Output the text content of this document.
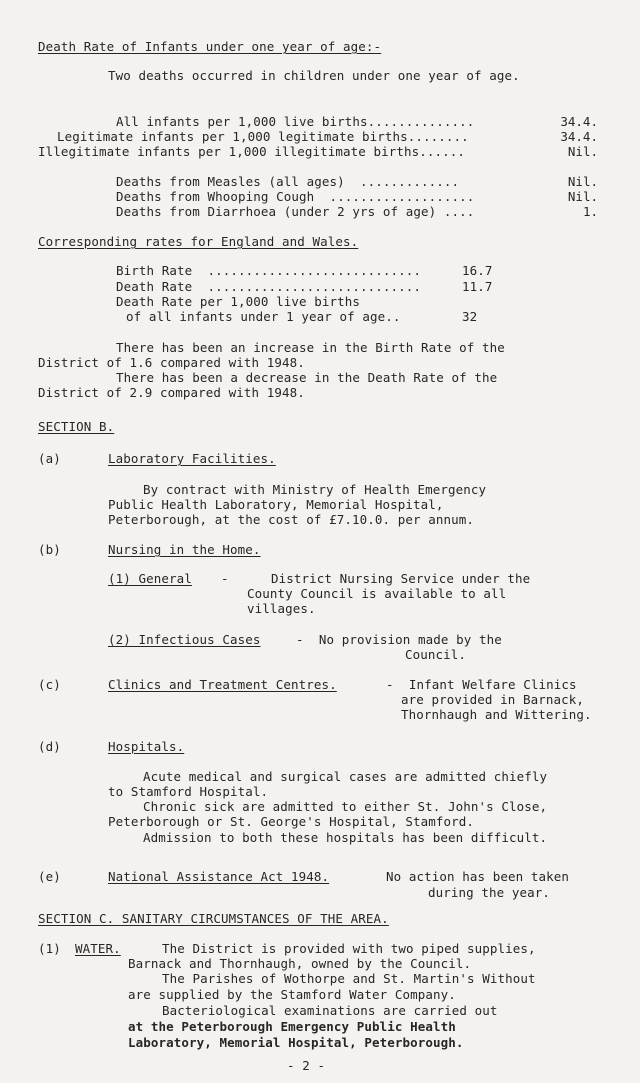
Death Rate of Infants under one year of age:-
Two deaths occurred in children under one year of age.
All infants per 1,000 live births..............	34.4.
Legitimate infants per 1,000 legitimate births........	34.4.
Illegitimate infants per 1,000 illegitimate births......	Nil.
Deaths from Measles (all ages)  .............	Nil.
Deaths from Whooping Cough  ...................	Nil.
Deaths from Diarrhoea (under 2 yrs of age) ....	1.
Corresponding rates for England and Wales.
Birth Rate  ............................	16.7
Death Rate  ............................	11.7
Death Rate per 1,000 live births
of all infants under 1 year of age..	32
There has been an increase in the Birth Rate of the
District of 1.6 compared with 1948.
There has been a decrease in the Death Rate of the
District of 2.9 compared with 1948.
SECTION B.
(a)	Laboratory Facilities.
By contract with Ministry of Health Emergency
Public Health Laboratory, Memorial Hospital,
Peterborough, at the cost of £7.10.0. per annum.
(b)	Nursing in the Home.
(1) General -	District Nursing Service under the
County Council is available to all
villages.
(2) Infectious Cases	-  No provision made by the
Council.
(c)	Clinics and Treatment Centres.	-  Infant Welfare Clinics
are provided in Barnack,
Thornhaugh and Wittering.
(d)	Hospitals.
Acute medical and surgical cases are admitted chiefly
to Stamford Hospital.
Chronic sick are admitted to either St. John's Close,
Peterborough or St. George's Hospital, Stamford.
Admission to both these hospitals has been difficult.
(e)	National Assistance Act 1948.	No action has been taken
during the year.
SECTION C. SANITARY CIRCUMSTANCES OF THE AREA.
(1) WATER.	The District is provided with two piped supplies,
Barnack and Thornhaugh, owned by the Council.
The Parishes of Wothorpe and St. Martin's Without
are supplied by the Stamford Water Company.
Bacteriological examinations are carried out
at the Peterborough Emergency Public Health
Laboratory, Memorial Hospital, Peterborough.
- 2 -
